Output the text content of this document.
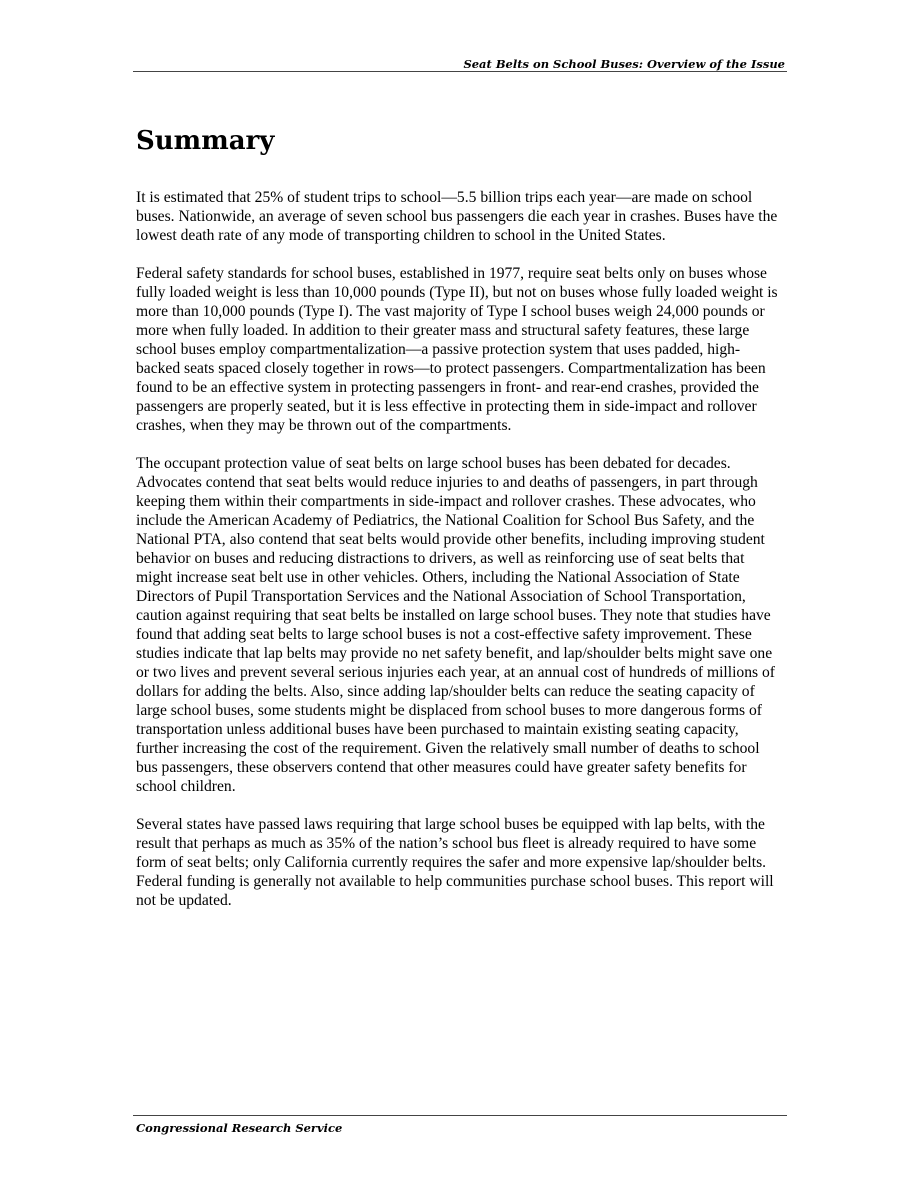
Seat Belts on School Buses: Overview of the Issue
Summary

It is estimated that 25% of student trips to school—5.5 billion trips each year—are made on school buses. Nationwide, an average of seven school bus passengers die each year in crashes. Buses have the lowest death rate of any mode of transporting children to school in the United States.

Federal safety standards for school buses, established in 1977, require seat belts only on buses whose fully loaded weight is less than 10,000 pounds (Type II), but not on buses whose fully loaded weight is more than 10,000 pounds (Type I). The vast majority of Type I school buses weigh 24,000 pounds or more when fully loaded. In addition to their greater mass and structural safety features, these large school buses employ compartmentalization—a passive protection system that uses padded, high-backed seats spaced closely together in rows—to protect passengers. Compartmentalization has been found to be an effective system in protecting passengers in front- and rear-end crashes, provided the passengers are properly seated, but it is less effective in protecting them in side-impact and rollover crashes, when they may be thrown out of the compartments.

The occupant protection value of seat belts on large school buses has been debated for decades. Advocates contend that seat belts would reduce injuries to and deaths of passengers, in part through keeping them within their compartments in side-impact and rollover crashes. These advocates, who include the American Academy of Pediatrics, the National Coalition for School Bus Safety, and the National PTA, also contend that seat belts would provide other benefits, including improving student behavior on buses and reducing distractions to drivers, as well as reinforcing use of seat belts that might increase seat belt use in other vehicles. Others, including the National Association of State Directors of Pupil Transportation Services and the National Association of School Transportation, caution against requiring that seat belts be installed on large school buses. They note that studies have found that adding seat belts to large school buses is not a cost-effective safety improvement. These studies indicate that lap belts may provide no net safety benefit, and lap/shoulder belts might save one or two lives and prevent several serious injuries each year, at an annual cost of hundreds of millions of dollars for adding the belts. Also, since adding lap/shoulder belts can reduce the seating capacity of large school buses, some students might be displaced from school buses to more dangerous forms of transportation unless additional buses have been purchased to maintain existing seating capacity, further increasing the cost of the requirement. Given the relatively small number of deaths to school bus passengers, these observers contend that other measures could have greater safety benefits for school children.

Several states have passed laws requiring that large school buses be equipped with lap belts, with the result that perhaps as much as 35% of the nation’s school bus fleet is already required to have some form of seat belts; only California currently requires the safer and more expensive lap/shoulder belts. Federal funding is generally not available to help communities purchase school buses. This report will not be updated.

Congressional Research Service
